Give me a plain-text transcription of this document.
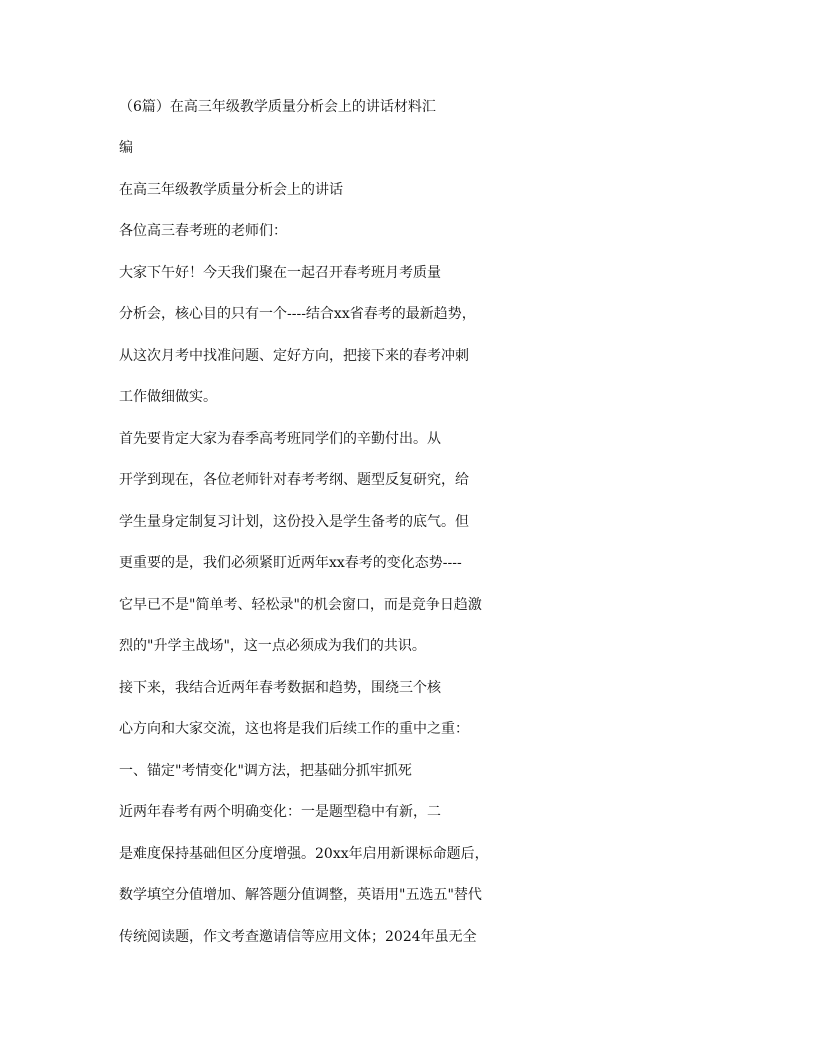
（6篇）在高三年级教学质量分析会上的讲话材料汇

编

在高三年级教学质量分析会上的讲话

各位高三春考班的老师们：

大家下午好！今天我们聚在一起召开春考班月考质量

分析会，核心目的只有一个----结合xx省春考的最新趋势，

从这次月考中找准问题、定好方向，把接下来的春考冲刺

工作做细做实。

首先要肯定大家为春季高考班同学们的辛勤付出。从

开学到现在，各位老师针对春考考纲、题型反复研究，给

学生量身定制复习计划，这份投入是学生备考的底气。但

更重要的是，我们必须紧盯近两年xx春考的变化态势----

它早已不是"简单考、轻松录"的机会窗口，而是竞争日趋激

烈的"升学主战场"，这一点必须成为我们的共识。

接下来，我结合近两年春考数据和趋势，围绕三个核

心方向和大家交流，这也将是我们后续工作的重中之重：

一、锚定"考情变化"调方法，把基础分抓牢抓死

近两年春考有两个明确变化：一是题型稳中有新，二

是难度保持基础但区分度增强。20xx年启用新课标命题后，

数学填空分值增加、解答题分值调整，英语用"五选五"替代

传统阅读题，作文考查邀请信等应用文体；2024年虽无全
